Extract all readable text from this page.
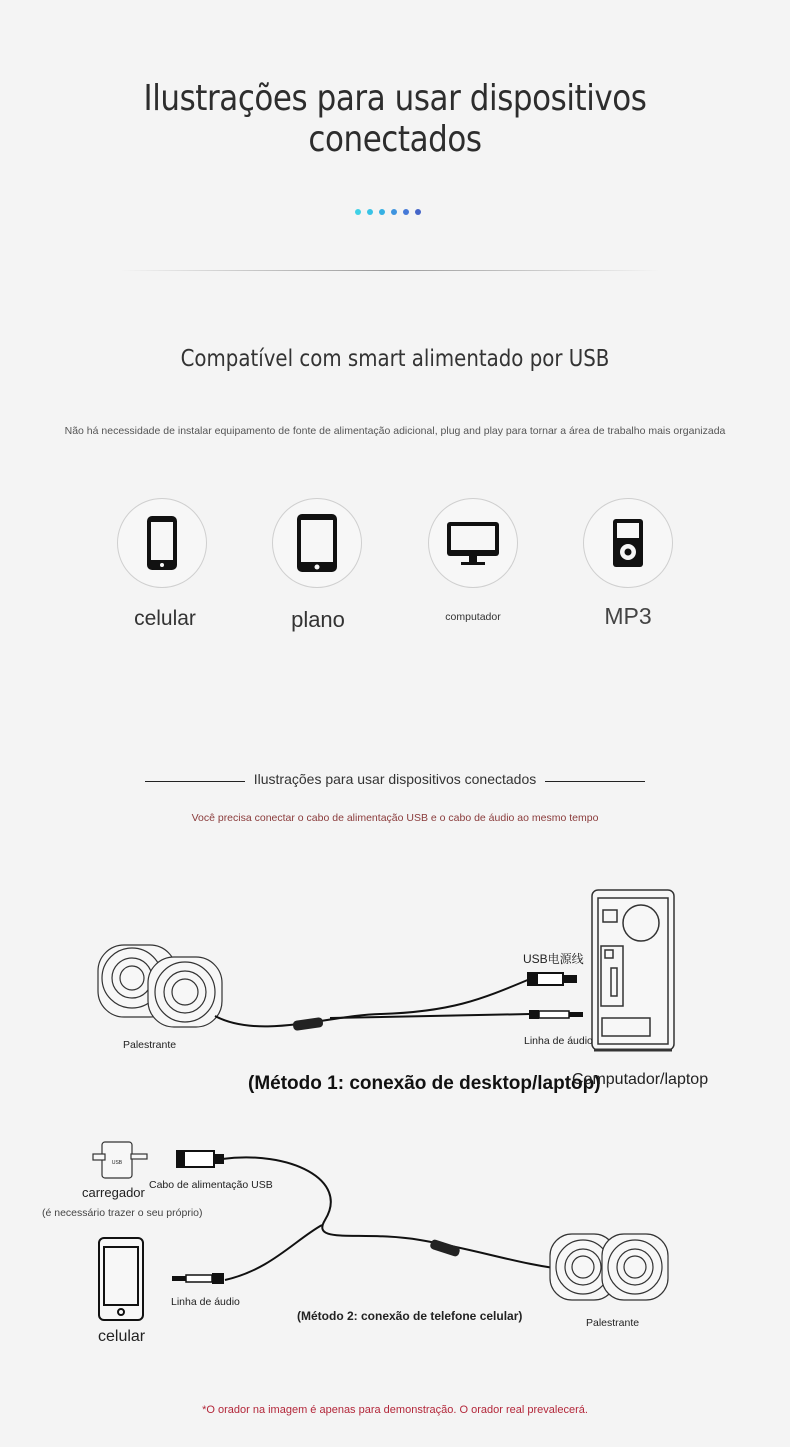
Ilustrações para usar dispositivos conectados
Compatível com smart alimentado por USB
Não há necessidade de instalar equipamento de fonte de alimentação adicional, plug and play para tornar a área de trabalho mais organizada
celular	plano	computador	MP3
Ilustrações para usar dispositivos conectados
Você precisa conectar o cabo de alimentação USB e o cabo de áudio ao mesmo tempo
Palestrante
USB电源线
Linha de áudio
(Método 1: conexão de desktop/laptop)
Computador/laptop
USB
carregador
(é necessário trazer o seu próprio)
Cabo de alimentação USB
celular
Linha de áudio
(Método 2: conexão de telefone celular)	Palestrante
*O orador na imagem é apenas para demonstração. O orador real prevalecerá.
